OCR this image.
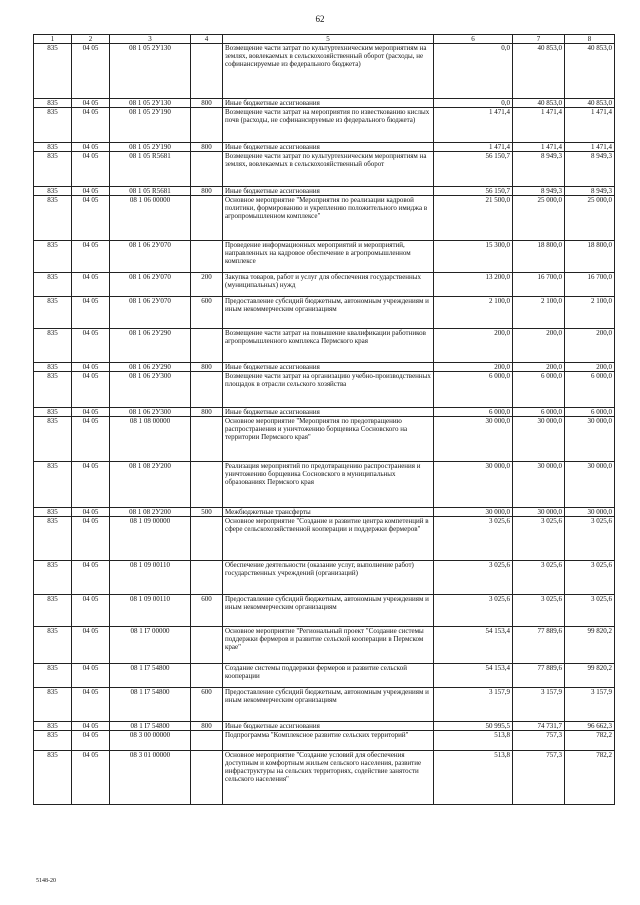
62
1	2	3	4	5	6	7	8
835	04 05	08 1 05 2У130		Возмещение части затрат по культуртехническим мероприятиям на землях, вовлекаемых в сельскохозяйственный оборот (расходы, не софинансируемые из федерального бюджета)	0,0	40 853,0	40 853,0
835	04 05	08 1 05 2У130	800	Иные бюджетные ассигнования	0,0	40 853,0	40 853,0
835	04 05	08 1 05 2У190		Возмещение части затрат на мероприятия по известкованию кислых почв (расходы, не софинансируемые из федерального бюджета)	1 471,4	1 471,4	1 471,4
835	04 05	08 1 05 2У190	800	Иные бюджетные ассигнования	1 471,4	1 471,4	1 471,4
835	04 05	08 1 05 R5681		Возмещение части затрат по культуртехническим мероприятиям на землях, вовлекаемых в сельскохозяйственный оборот	56 150,7	8 949,3	8 949,3
835	04 05	08 1 05 R5681	800	Иные бюджетные ассигнования	56 150,7	8 949,3	8 949,3
835	04 05	08 1 06 00000		Основное мероприятие "Мероприятия по реализации кадровой политики, формированию и укреплению положительного имиджа в агропромышленном комплексе"	21 500,0	25 000,0	25 000,0
835	04 05	08 1 06 2У070		Проведение информационных мероприятий и мероприятий, направленных на кадровое обеспечение в агропромышленном комплексе	15 300,0	18 800,0	18 800,0
835	04 05	08 1 06 2У070	200	Закупка товаров, работ и услуг для обеспечения государственных (муниципальных) нужд	13 200,0	16 700,0	16 700,0
835	04 05	08 1 06 2У070	600	Предоставление субсидий бюджетным, автономным учреждениям и иным некоммерческим организациям	2 100,0	2 100,0	2 100,0
835	04 05	08 1 06 2У290		Возмещение части затрат на повышение квалификации работников агропромышленного комплекса Пермского края	200,0	200,0	200,0
835	04 05	08 1 06 2У290	800	Иные бюджетные ассигнования	200,0	200,0	200,0
835	04 05	08 1 06 2У300		Возмещение части затрат на организацию учебно-производственных площадок в отрасли сельского хозяйства	6 000,0	6 000,0	6 000,0
835	04 05	08 1 06 2У300	800	Иные бюджетные ассигнования	6 000,0	6 000,0	6 000,0
835	04 05	08 1 08 00000		Основное мероприятие "Мероприятия по предотвращению распространения и уничтожению борщевика Сосновского на территории Пермского края"	30 000,0	30 000,0	30 000,0
835	04 05	08 1 08 2У200		Реализация мероприятий по предотвращению распространения и уничтожению борщевика Сосновского в муниципальных образованиях Пермского края	30 000,0	30 000,0	30 000,0
835	04 05	08 1 08 2У200	500	Межбюджетные трансферты	30 000,0	30 000,0	30 000,0
835	04 05	08 1 09 00000		Основное мероприятие "Создание и развитие центра компетенций в сфере сельскохозяйственной кооперации и поддержки фермеров"	3 025,6	3 025,6	3 025,6
835	04 05	08 1 09 00110		Обеспечение деятельности (оказание услуг, выполнение работ) государственных учреждений (организаций)	3 025,6	3 025,6	3 025,6
835	04 05	08 1 09 00110	600	Предоставление субсидий бюджетным, автономным учреждениям и иным некоммерческим организациям	3 025,6	3 025,6	3 025,6
835	04 05	08 1 I7 00000		Основное мероприятие "Региональный проект "Создание системы поддержки фермеров и развитие сельской кооперации в Пермском крае"	54 153,4	77 889,6	99 820,2
835	04 05	08 1 I7 54800		Создание системы поддержки фермеров и развитие сельской кооперации	54 153,4	77 889,6	99 820,2
835	04 05	08 1 I7 54800	600	Предоставление субсидий бюджетным, автономным учреждениям и иным некоммерческим организациям	3 157,9	3 157,9	3 157,9
835	04 05	08 1 I7 54800	800	Иные бюджетные ассигнования	50 995,5	74 731,7	96 662,3
835	04 05	08 3 00 00000		Подпрограмма "Комплексное развитие сельских территорий"	513,8	757,3	782,2
835	04 05	08 3 01 00000		Основное мероприятие "Создание условий для обеспечения доступным и комфортным жильем сельского населения, развитие инфраструктуры на сельских территориях, содействие занятости сельского населения"	513,8	757,3	782,2
5148-20
